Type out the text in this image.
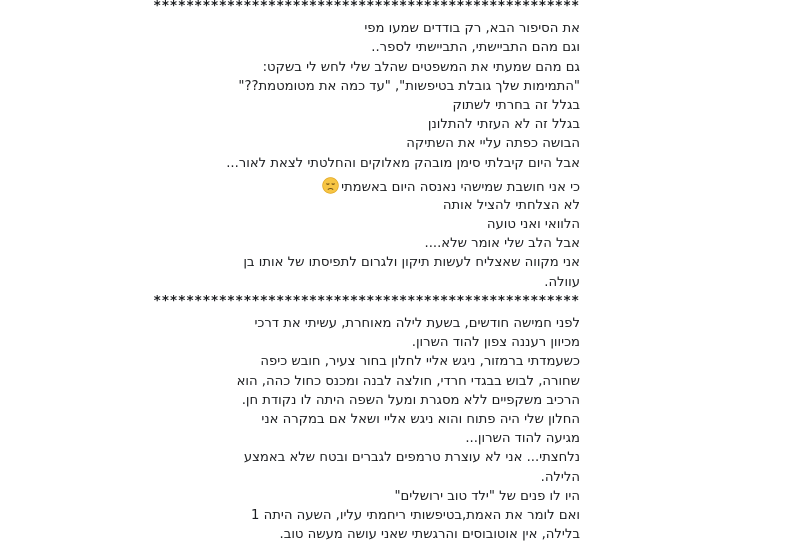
****************************************************
את הסיפור הבא, רק בודדים שמעו מפי
וגם מהם התביישתי, התביישתי לספר..
גם מהם שמעתי את המשפטים שהלב שלי לחש לי בשקט:
"התמימות שלך גובלת בטיפשות", "עד כמה את מטומטמת??"
בגלל זה בחרתי לשתוק
בגלל זה לא העזתי להתלונן
הבושה כפתה עליי את השתיקה
אבל היום קיבלתי סימן מובהק מאלוקים והחלטתי לצאת לאור...
כי אני חושבת שמישהי נאנסה היום באשמתי
לא הצלחתי להציל אותה
הלוואי ואני טועה
אבל הלב שלי אומר שלא....
אני מקווה שאצליח לעשות תיקון ולגרום לתפיסתו של אותו בן עוולה.
****************************************************
לפני חמישה חודשים, בשעת לילה מאוחרת, עשיתי את דרכי מכיוון רעננה צפון להוד השרון.
כשעמדתי ברמזור, ניגש אליי לחלון בחור צעיר, חובש כיפה שחורה, לבוש בבגדי חרדי, חולצה לבנה ומכנס כחול כהה, הוא הרכיב משקפיים ללא מסגרת ומעל השפה היתה לו נקודת חן.
החלון שלי היה פתוח והוא ניגש אליי ושאל אם במקרה אני מגיעה להוד השרון...
נלחצתי... אני לא עוצרת טרמפים לגברים ובטח שלא באמצע הלילה.
היו לו פנים של "ילד טוב ירושלים"
ואם לומר את האמת,בטיפשותי ריחמתי עליו, השעה היתה 1 בלילה, אין אוטובוסים והרגשתי שאני עושה מעשה טוב.
